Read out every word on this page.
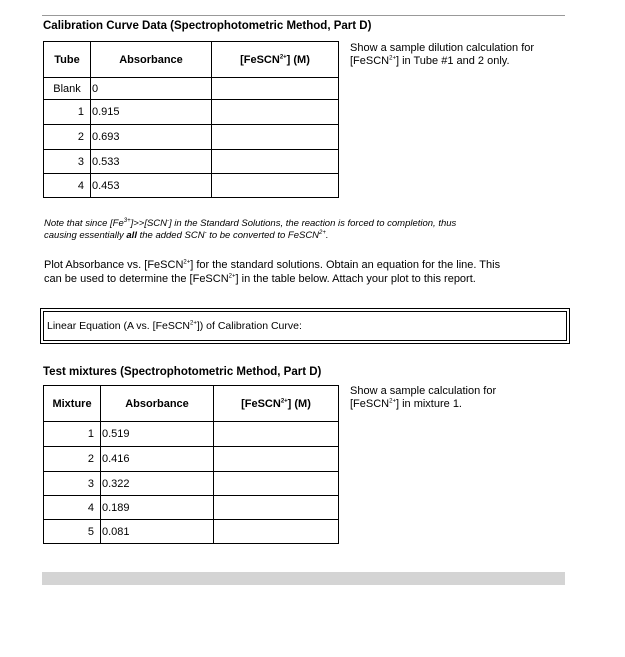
Calibration Curve Data (Spectrophotometric Method, Part D)
Tube	Absorbance	[FeSCN$^{2+}$] (M)
Blank	0	
1	0.915	
2	0.693	
3	0.533	
4	0.453	
Show a sample dilution calculation for
[FeSCN$^{2+}$] in Tube #1 and 2 only.
Note that since $[Fe^{3+}]>>[SCN^-]$ in the Standard Solutions, the reaction is forced to completion, thus
causing essentially all the added SCN- to be converted to FeSCN$^{2+}$.
Plot Absorbance vs. [FeSCN$^{2+}$] for the standard solutions. Obtain an equation for the line. This
can be used to determine the [FeSCN$^{2+}$] in the table below. Attach your plot to this report.
Linear Equation (A vs. [FeSCN$^{2+}$]) of Calibration Curve:
Test mixtures (Spectrophotometric Method, Part D)
Mixture	Absorbance	[FeSCN$^{2+}$] (M)
1	0.519	
2	0.416	
3	0.322	
4	0.189	
5	0.081	
Show a sample calculation for
[FeSCN$^{2+}$] in mixture 1.
